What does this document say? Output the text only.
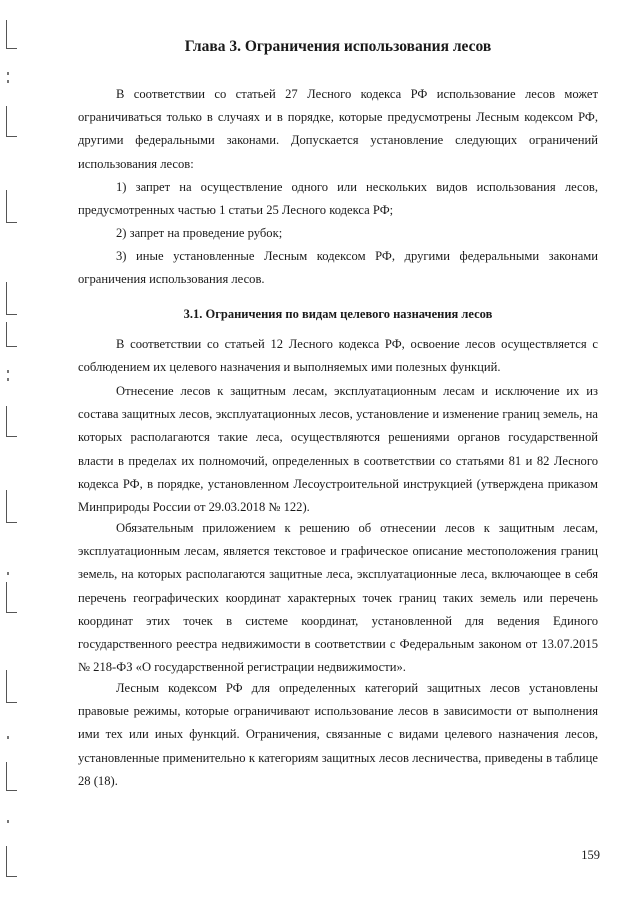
Глава 3. Ограничения использования лесов

В соответствии со статьей 27 Лесного кодекса РФ использование лесов может ограничиваться только в случаях и в порядке, которые предусмотрены Лесным кодексом РФ, другими федеральными законами. Допускается установление следующих ограничений использования лесов:

1) запрет на осуществление одного или нескольких видов использования лесов, предусмотренных частью 1 статьи 25 Лесного кодекса РФ;

2) запрет на проведение рубок;

3) иные установленные Лесным кодексом РФ, другими федеральными законами ограничения использования лесов.

3.1. Ограничения по видам целевого назначения лесов

В соответствии со статьей 12 Лесного кодекса РФ, освоение лесов осуществляется с соблюдением их целевого назначения и выполняемых ими полезных функций.

Отнесение лесов к защитным лесам, эксплуатационным лесам и исключение их из состава защитных лесов, эксплуатационных лесов, установление и изменение границ земель, на которых располагаются такие леса, осуществляются решениями органов государственной власти в пределах их полномочий, определенных в соответствии со статьями 81 и 82 Лесного кодекса РФ, в порядке, установленном Лесоустроительной инструкцией (утверждена приказом Минприроды России от 29.03.2018 № 122).

Обязательным приложением к решению об отнесении лесов к защитным лесам, эксплуатационным лесам, является текстовое и графическое описание местоположения границ земель, на которых располагаются защитные леса, эксплуатационные леса, включающее в себя перечень географических координат характерных точек границ таких земель или перечень координат этих точек в системе координат, установленной для ведения Единого государственного реестра недвижимости в соответствии с Федеральным законом от 13.07.2015 № 218-ФЗ «О государственной регистрации недвижимости».

Лесным кодексом РФ для определенных категорий защитных лесов установлены правовые режимы, которые ограничивают использование лесов в зависимости от выполнения ими тех или иных функций. Ограничения, связанные с видами целевого назначения лесов, установленные применительно к категориям защитных лесов лесничества, приведены в таблице 28 (18).

159
